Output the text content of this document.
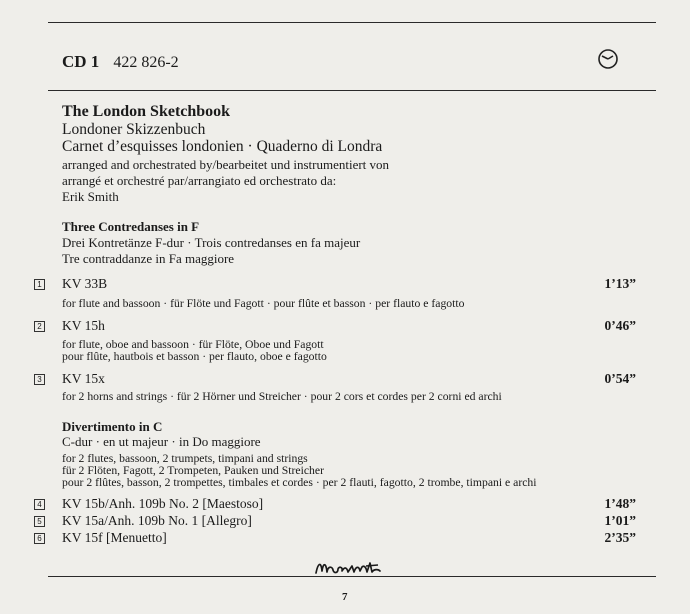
CD 1 422 826-2
The London Sketchbook
Londoner Skizzenbuch
Carnet d’esquisses londonien · Quaderno di Londra
arranged and orchestrated by/bearbeitet und instrumentiert von
arrangé et orchestré par/arrangiato ed orchestrato da:
Erik Smith
Three Contredanses in F
Drei Kontretänze F-dur · Trois contredanses en fa majeur
Tre contraddanze in Fa maggiore
1 KV 33B	1’13”
for flute and bassoon · für Flöte und Fagott · pour flûte et basson · per flauto e fagotto
2 KV 15h	0’46”
for flute, oboe and bassoon · für Flöte, Oboe und Fagott
pour flûte, hautbois et basson · per flauto, oboe e fagotto
3 KV 15x	0’54”
for 2 horns and strings · für 2 Hörner und Streicher · pour 2 cors et cordes per 2 corni ed archi
Divertimento in C
C-dur · en ut majeur · in Do maggiore
for 2 flutes, bassoon, 2 trumpets, timpani and strings
für 2 Flöten, Fagott, 2 Trompeten, Pauken und Streicher
pour 2 flûtes, basson, 2 trompettes, timbales et cordes · per 2 flauti, fagotto, 2 trombe, timpani e archi
4 KV 15b/Anh. 109b No. 2 [Maestoso]	1’48”
5 KV 15a/Anh. 109b No. 1 [Allegro]	1’01”
6 KV 15f [Menuetto]	2’35”
7
